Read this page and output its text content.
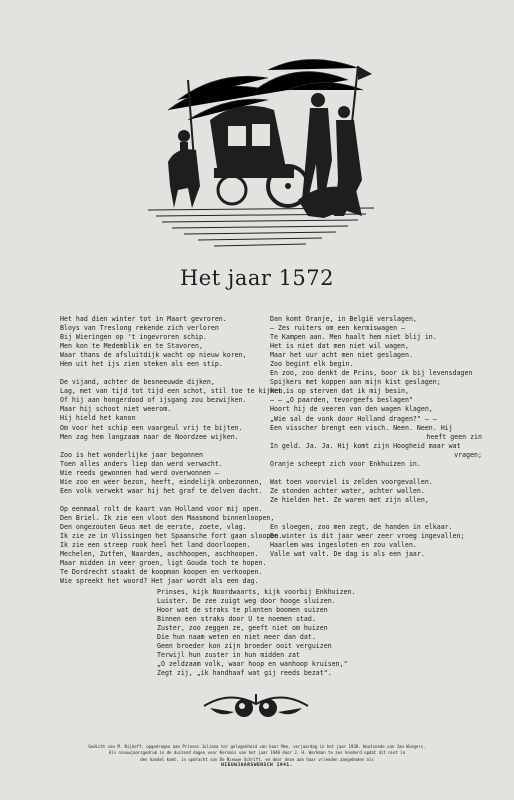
Het jaar 1572
Het had dien winter tot in Maart gevroren.
Bloys van Treslong rekende zich verloren
Bij Wieringen op 't ingevroren schip.
Men kon te Medemblik en te Stavoren,
Waar thans de afsluitdijk wacht op nieuw koren,
Hem uit het ijs zien steken als een stip.
De vijand, achter de besneeuwde dijken,
Lag, met van tijd tot tijd een schot, stil toe te kijken,
Of hij aan hongerdood of ijsgang zou bezwijken.
Maar hij schoot niet weerom.
Hij hield het kanon
Om voor het schip een vaargeul vrij te bijten.
Men zag hem langzaam naar de Noordzee wijken.
Zoo is het wonderlijke jaar begonnen
Toen alles anders liep dan werd verwacht.
Wie reeds gewonnen had werd overwonnen —
Wie zoo en weer bezon, heeft, eindelijk onbezonnen,
Een volk verwekt waar hij het graf te delven dacht.
Op eenmaal rolt de kaart van Holland voor mij open.
Den Briel. Ik zie een vloot den Maasmond binnenloopen,
Den ongezouten Geus met de eerste, zoete, vlag.
Ik zie ze in Vlissingen het Spaansche fort gaan sloopen.
Ik zie een streep rook heel het land doorloopen.
Mechelen, Zutfen, Naarden, aschhoopen, aschhoopen.
Maar midden in veer groen, ligt Gouda toch te hopen.
Te Dordrecht staakt de koopman koopen en verkoopen.
Wie spreekt het woord? Het jaar wordt als een dag.
Dan komt Oranje, in België verslagen,
— Zes ruiters om een kermiswagen —
Te Kampen aan. Men haalt hem niet blij in.
Het is niet dat men niet wil wagen,
Maar het uur acht men niet geslagen.
Zoo begint elk begin.
En zoo, zoo denkt de Prins, boor ik bij levensdagen
Spijkers met koppen aan mijn kist geslagen;
Het is op sterven dat ik mij besin,
— — „O paarden, tevorgeefs beslagen"
Hoort hij de veeren van den wagen klagen,
„Wie sal de vonk door Holland dragen?" — —
Een visscher brengt een visch. Neen. Neen. Hij
heeft geen zin
In geld. Ja. Ja. Hij komt zijn Hoogheid maar wat
vragen;
Oranje scheept zich voor Enkhuizen in.
Wat toen voorviel is zelden voorgevallen.
Ze stonden achter water, achter wallen.
Ze hielden het. Ze waren met zijn allen,
En sloegen, zoo men zegt, de handen in elkaar.
De winter is dit jaar weer zeer vroeg ingevallen;
Haarlem was ingesloten en zou vallen.
Valle wat valt. De dag is als een jaar.
Prinses, kijk Noordwaarts, kijk voorbij Enkhuizen.
Luister. De zee zuigt weg door hooge sluizen.
Hoor wat de straks te planten boomen suizen
Binnen een straks door U te noemen stad.
Zuster, zoo zeggen ze, geeft niet om huizen
Die hun naam weten en niet meer dan dat.
Geen broeder kon zijn broeder ooit verguizen
Terwijl hun zuster in hun midden zat
„O zeldzaam volk, waar hoop en wanhoop kruisen,"
Zegt zij, „ik handhaaf wat gij reeds bezat".
Gedicht van M. Nijhoff, opgedragen aan Prinses Juliana ter gelegenheid van haar Mee. verjaardag in het jaar 1938. Houtsnede van Jan Wiegers.
Als nieuwjaarsgedruk in de duizend dagen voor Kersmis van het jaar 1940 door J. H. Warkman te zes honderd opdat dit niet in
den handel komt, in opdracht van De Nieuwe Schrift, en door deze aan haar vrienden aangeboden als
NIEUWJAARSWENSCH 1941.
